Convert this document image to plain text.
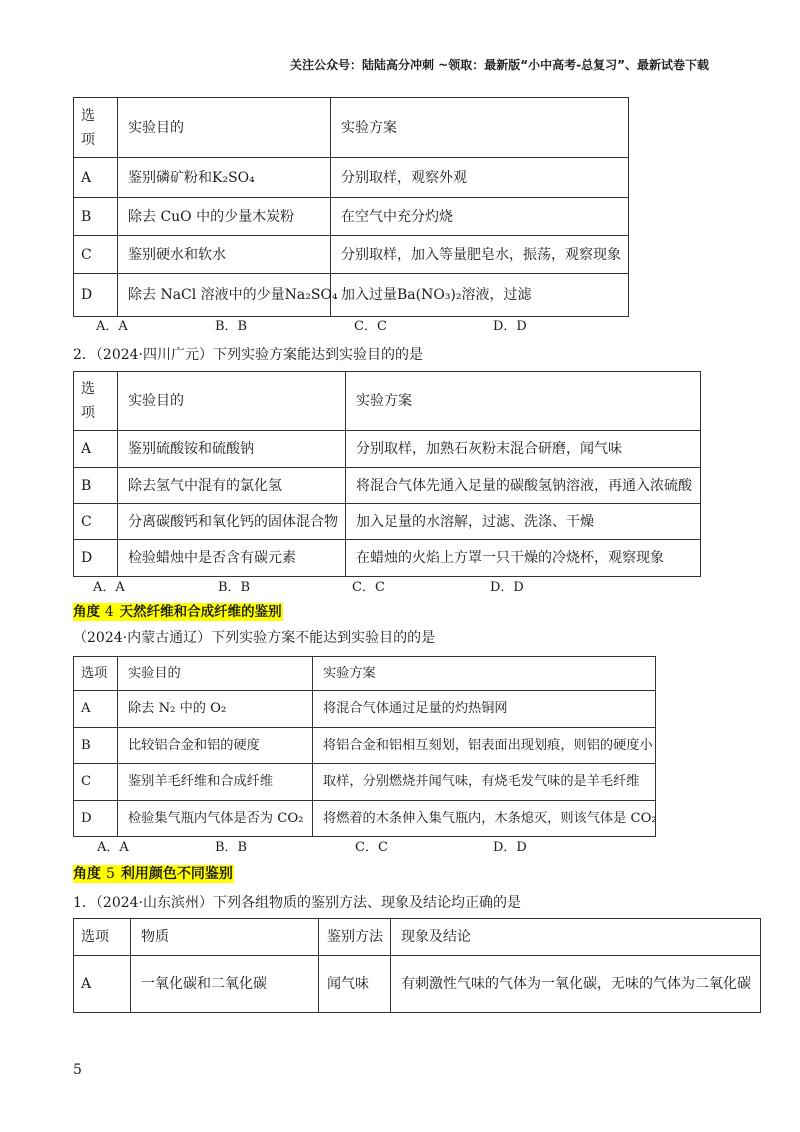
关注公众号：陆陆高分冲刺 ~领取：最新版“小中高考-总复习”、最新试卷下载
选项	实验目的	实验方案
A	鉴别磷矿粉和K₂SO₄	分别取样，观察外观
B	除去 CuO 中的少量木炭粉	在空气中充分灼烧
C	鉴别硬水和软水	分别取样，加入等量肥皂水，振荡，观察现象
D	除去 NaCl 溶液中的少量Na₂SO₄	加入过量Ba(NO₃)₂溶液，过滤
A．A	B．B	C．C	D．D
2．（2024·四川广元）下列实验方案能达到实验目的的是
选项	实验目的	实验方案
A	鉴别硫酸铵和硫酸钠	分别取样，加熟石灰粉末混合研磨，闻气味
B	除去氢气中混有的氯化氢	将混合气体先通入足量的碳酸氢钠溶液，再通入浓硫酸
C	分离碳酸钙和氧化钙的固体混合物	加入足量的水溶解，过滤、洗涤、干燥
D	检验蜡烛中是否含有碳元素	在蜡烛的火焰上方罩一只干燥的冷烧杯，观察现象
A．A	B．B	C．C	D．D
角度 4 天然纤维和合成纤维的鉴别
（2024·内蒙古通辽）下列实验方案不能达到实验目的的是
选项	实验目的	实验方案
A	除去 N₂ 中的 O₂	将混合气体通过足量的灼热铜网
B	比较铝合金和铝的硬度	将铝合金和铝相互刻划，铝表面出现划痕，则铝的硬度小
C	鉴别羊毛纤维和合成纤维	取样，分别燃烧并闻气味，有烧毛发气味的是羊毛纤维
D	检验集气瓶内气体是否为 CO₂	将燃着的木条伸入集气瓶内，木条熄灭，则该气体是 CO₂
A．A	B．B	C．C	D．D
角度 5 利用颜色不同鉴别
1．（2024·山东滨州）下列各组物质的鉴别方法、现象及结论均正确的是
选项	物质	鉴别方法	现象及结论
A	一氧化碳和二氧化碳	闻气味	有刺激性气味的气体为一氧化碳，无味的气体为二氧化碳
5
